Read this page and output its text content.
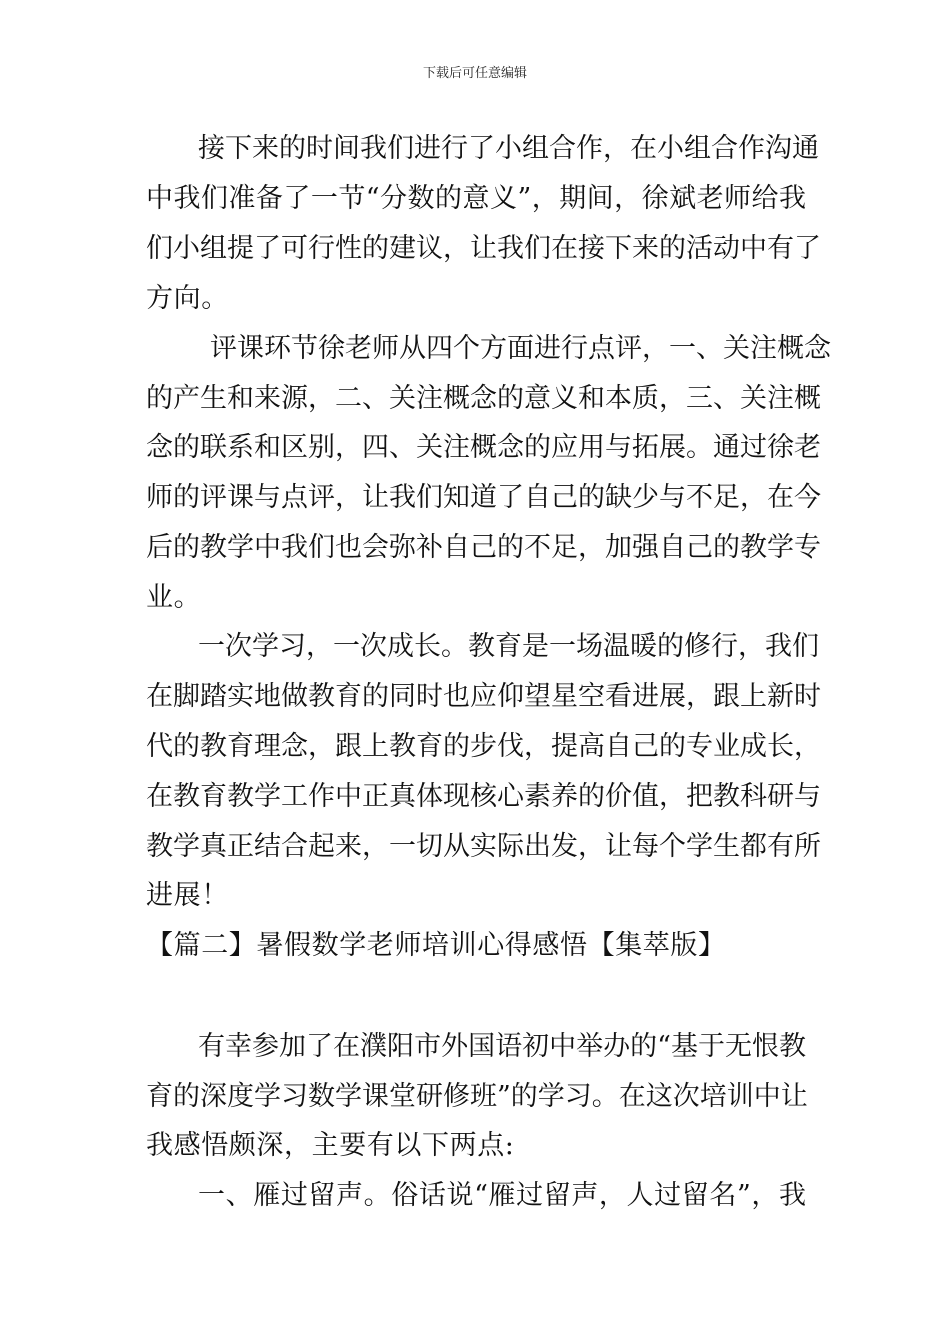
下载后可任意编辑
接下来的时间我们进行了小组合作，在小组合作沟通
中我们准备了一节“分数的意义”，期间，徐斌老师给我
们小组提了可行性的建议，让我们在接下来的活动中有了
方向。
评课环节徐老师从四个方面进行点评，一、关注概念
的产生和来源，二、关注概念的意义和本质，三、关注概
念的联系和区别，四、关注概念的应用与拓展。通过徐老
师的评课与点评，让我们知道了自己的缺少与不足，在今
后的教学中我们也会弥补自己的不足，加强自己的教学专
业。
一次学习，一次成长。教育是一场温暖的修行，我们
在脚踏实地做教育的同时也应仰望星空看进展，跟上新时
代的教育理念，跟上教育的步伐，提高自己的专业成长，
在教育教学工作中正真体现核心素养的价值，把教科研与
教学真正结合起来，一切从实际出发，让每个学生都有所
进展！
【篇二】暑假数学老师培训心得感悟【集萃版】
有幸参加了在濮阳市外国语初中举办的“基于无恨教
育的深度学习数学课堂研修班”的学习。在这次培训中让
我感悟颇深，主要有以下两点:
一、雁过留声。俗话说“雁过留声，人过留名”，我
